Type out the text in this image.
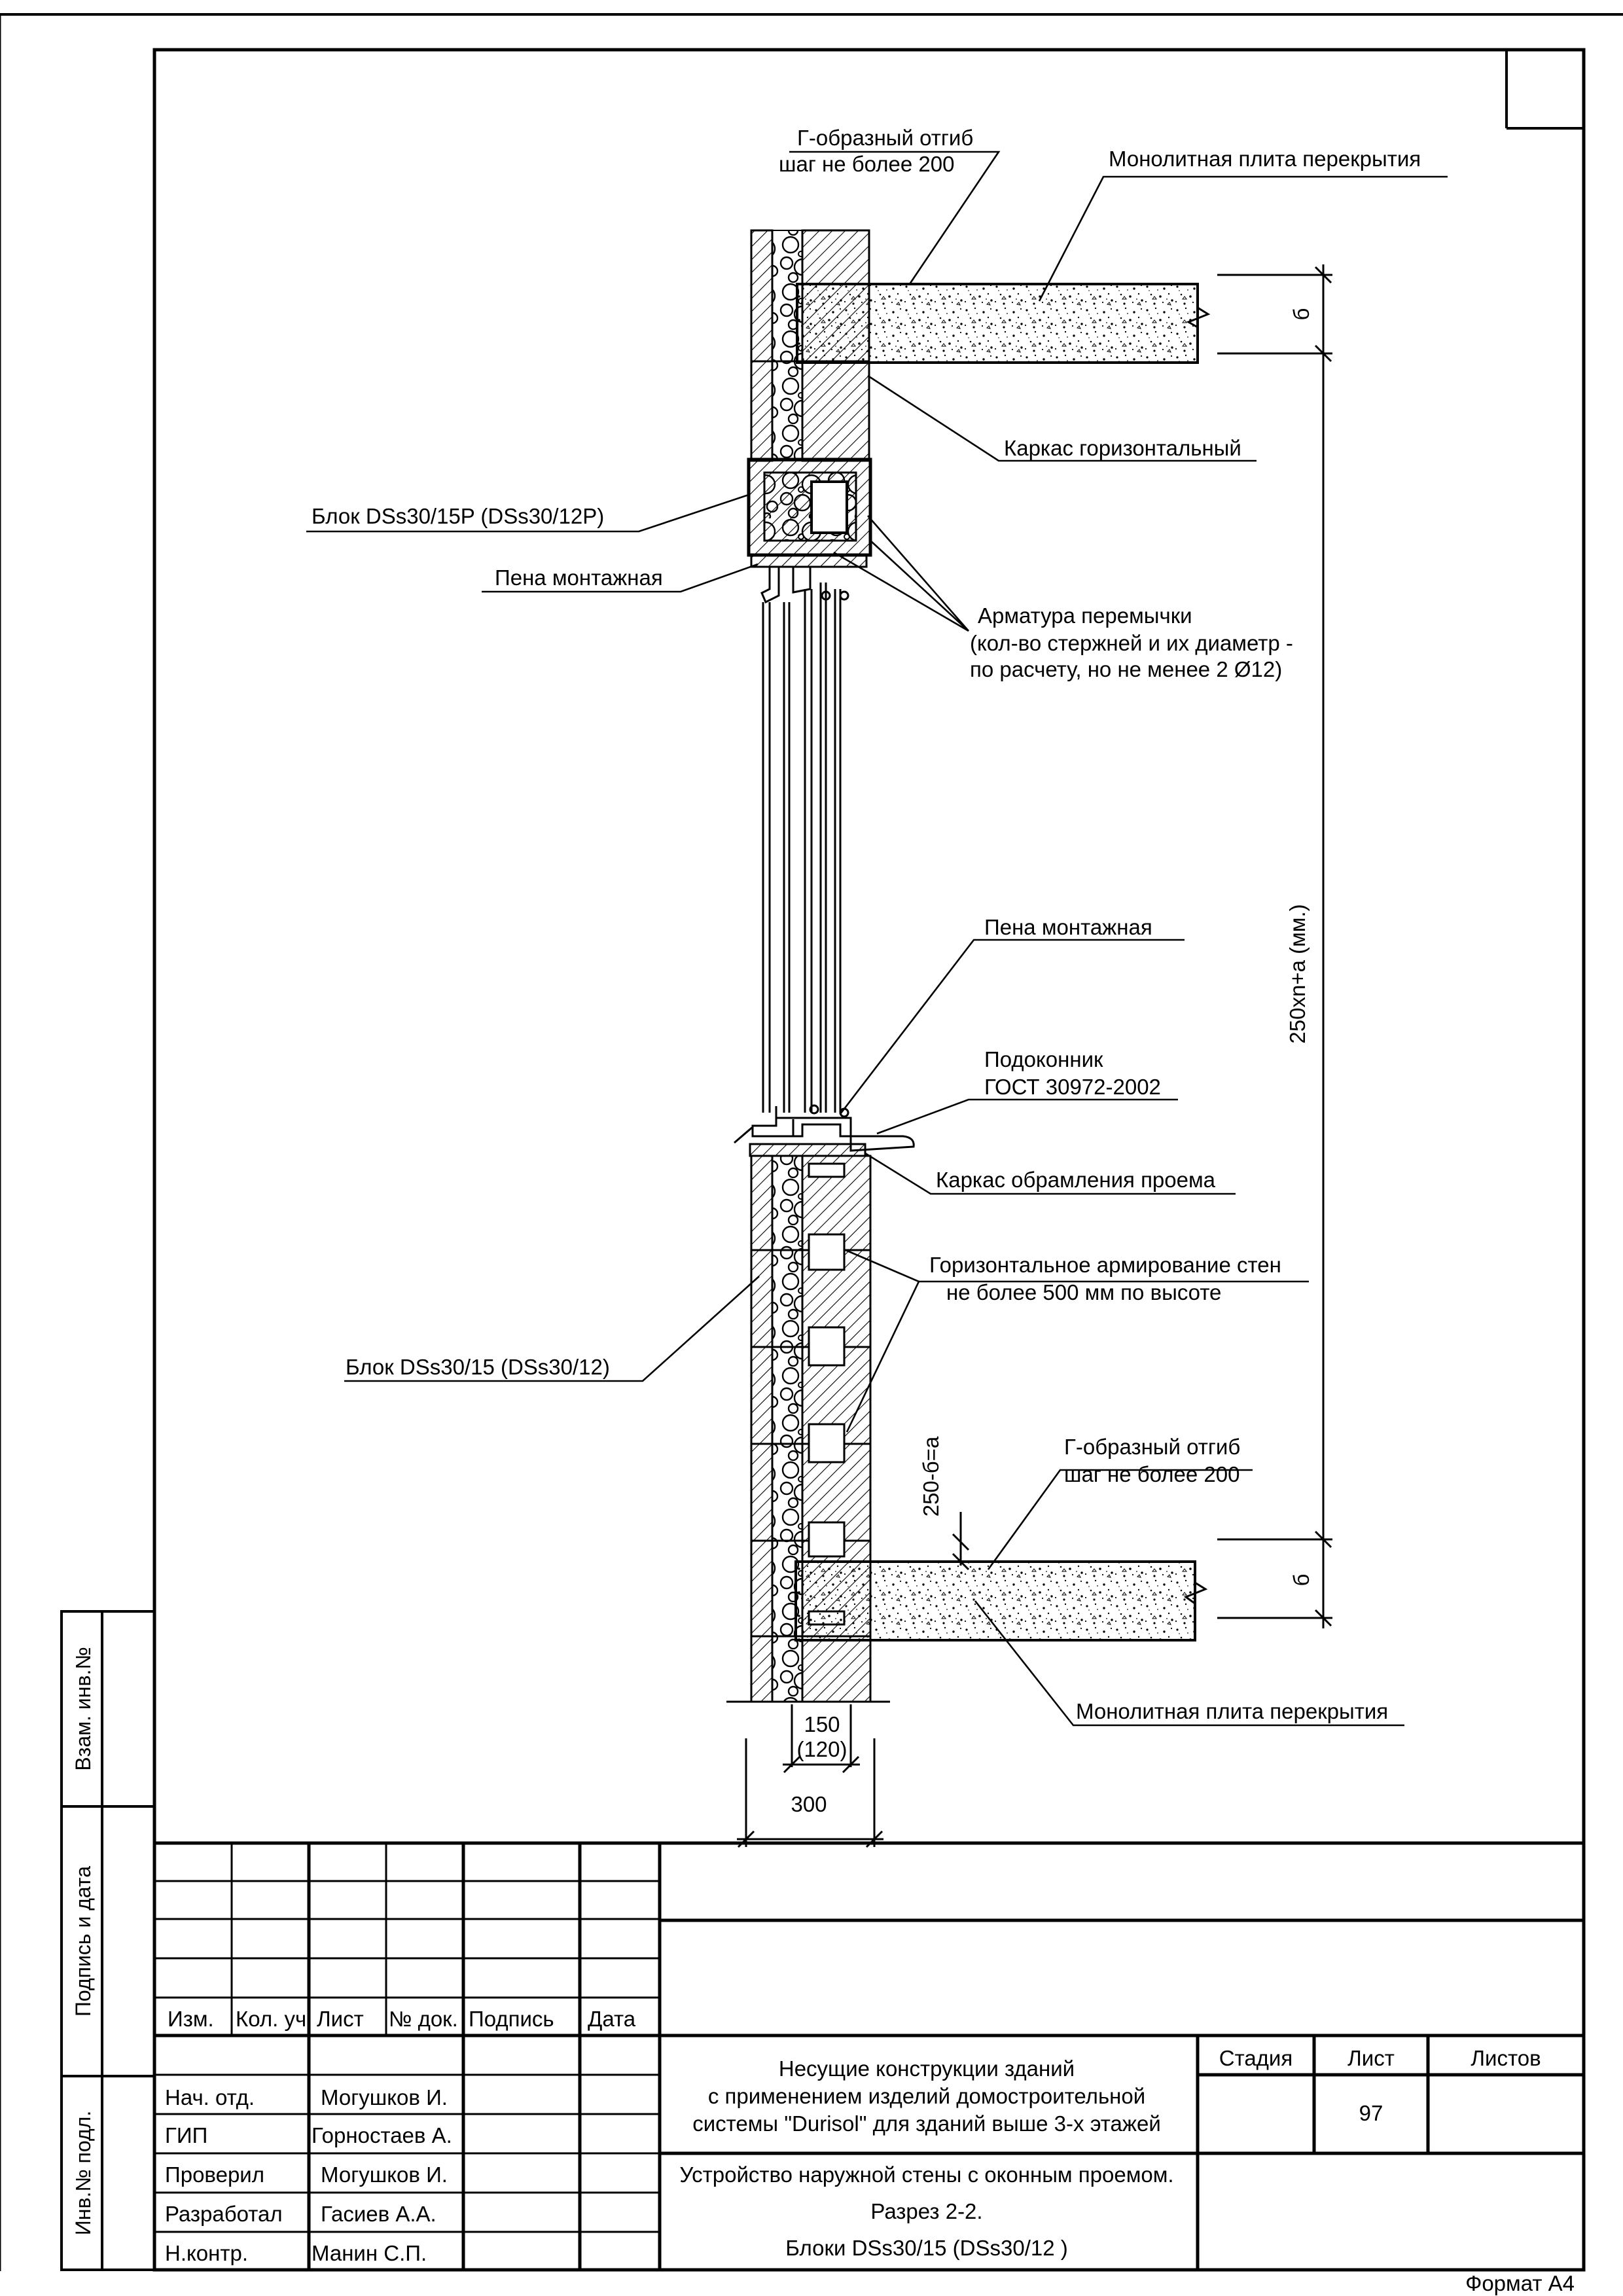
Взам. инв.№
Подпись и дата
Инв.№ подл.
б
250xn+a (мм.)
250-б=а
б
150
(120)
300
Г-образный отгиб
шаг не более 200	Монолитная плита перекрытия
Каркас горизонтальный
Блок DSs30/15P (DSs30/12P)
Пена монтажная
Арматура перемычки
(кол-во стержней и их диаметр -
по расчету, но не менее 2 Ø12)
Пена монтажная
Подоконник
ГОСТ 30972-2002
Каркас обрамления проема
Горизонтальное армирование стен
не более 500 мм по высоте
Блок DSs30/15 (DSs30/12)
Г-образный отгиб
шаг не более 200
Монолитная плита перекрытия
Изм. Кол. уч. Лист № док. Подпись Дата
Нач. отд.	Могушков И.
ГИП	Горностаев А.
Проверил	Могушков И.
Разработал Гасиев А.А.
Н.контр.	Манин С.П.
Несущие конструкции зданий
с применением изделий домостроительной
системы "Durisol" для зданий выше 3-х этажей
Устройство наружной стены с оконным проемом.
Разрез 2-2.
Блоки DSs30/15 (DSs30/12 )
Стадия	Лист	Листов
97
Формат А4
